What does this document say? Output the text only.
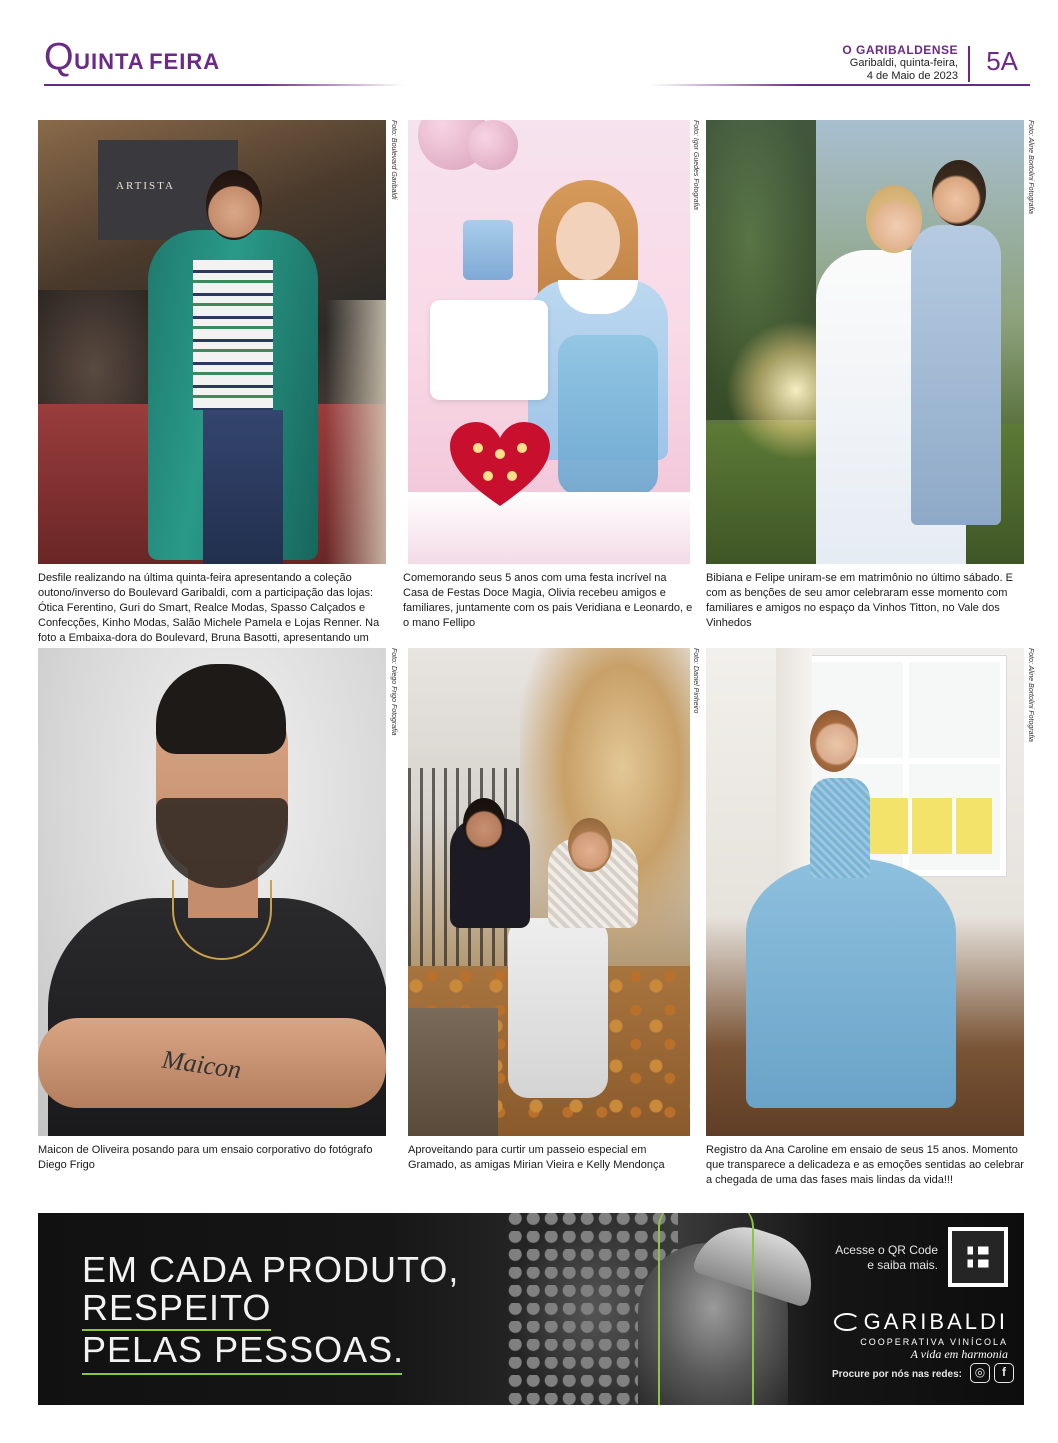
QUINTA FEIRA	O GARIBALDENSE
Garibaldi, quinta-feira,
4 de Maio de 2023 5A
ARTISTA	Foto: Boulevard Garibaldi
Desfile realizando na última quinta-feira apresentando a coleção outono/inverso do Boulevard Garibaldi, com a participação das lojas: Ótica Ferentino, Guri do Smart, Realce Modas, Spasso Calçados e Confecções, Kinho Modas, Salão Michele Pamela e Lojas Renner. Na foto a Embaixa-dora do Boulevard, Bruna Basotti, apresentando um
Foto: Igor Guedes Fotografia
Comemorando seus 5 anos com uma festa incrível na Casa de Festas Doce Magia, Olivia recebeu amigos e familiares, juntamente com os pais Veridiana e Leonardo, e o mano Fellipo
Foto: Aline Bortolini Fotografia
Bibiana e Felipe uniram-se em matrimônio no último sábado. E com as benções de seu amor celebraram esse momento com familiares e amigos no espaço da Vinhos Titton, no Vale dos Vinhedos
Maicon
Foto: Diego Frigo Fotografia
Maicon de Oliveira posando para um ensaio corporativo do fotógrafo Diego Frigo
Foto: Daniel Pinheiro
Aproveitando para curtir um passeio especial em Gramado, as amigas Mirian Vieira e Kelly Mendonça
Foto: Aline Bortolini Fotografia
Registro da Ana Caroline em ensaio de seus 15 anos. Momento que transparece a delicadeza e as emoções sentidas ao celebrar a chegada de uma das fases mais lindas da vida!!!
EM CADA PRODUTO,
RESPEITO
PELAS PESSOAS.
Acesse o QR Code
e saiba mais.
GARIBALDI
COOPERATIVA VINÍCOLA
A vida em harmonia
Procure por nós nas redes:	◎	f
